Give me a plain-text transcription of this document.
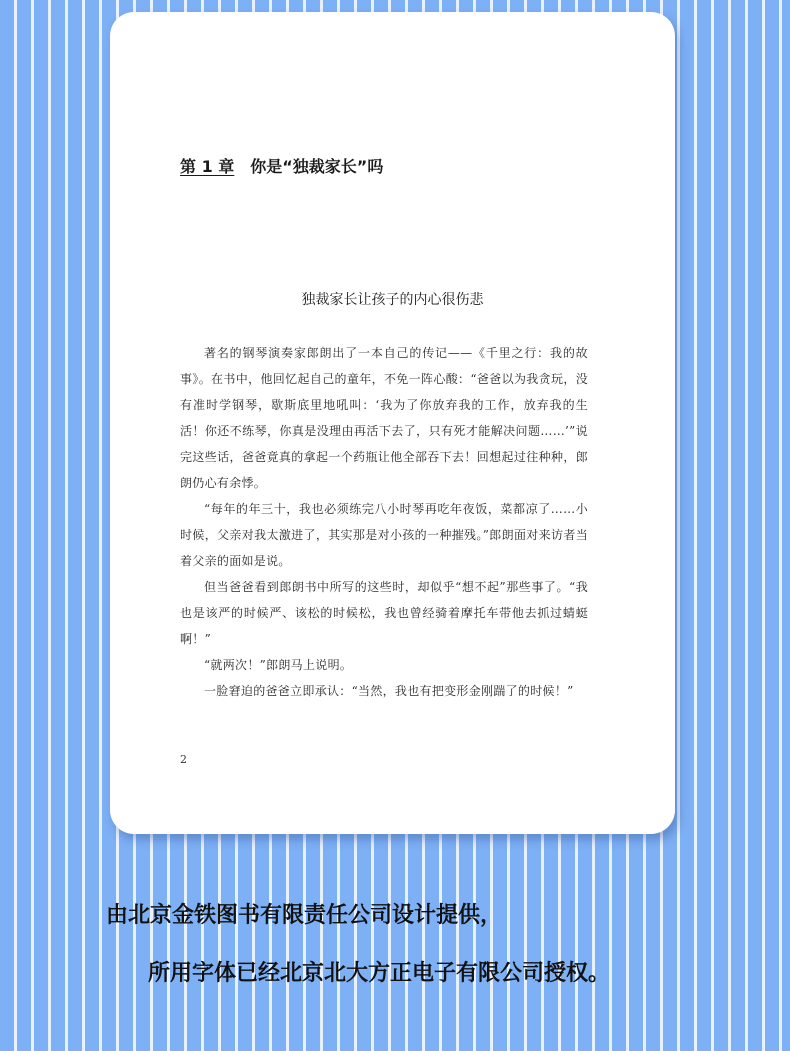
第 1 章 你是“独裁家长”吗
独裁家长让孩子的内心很伤悲

著名的钢琴演奏家郎朗出了一本自己的传记——《千里之行：我的故事》。在书中，他回忆起自己的童年，不免一阵心酸：“爸爸以为我贪玩，没有准时学钢琴，歇斯底里地吼叫：‘我为了你放弃我的工作，放弃我的生活！你还不练琴，你真是没理由再活下去了，只有死才能解决问题……’”说完这些话，爸爸竟真的拿起一个药瓶让他全部吞下去！回想起过往种种，郎朗仍心有余悸。

“每年的年三十，我也必须练完八小时琴再吃年夜饭，菜都凉了……小时候，父亲对我太激进了，其实那是对小孩的一种摧残。”郎朗面对来访者当着父亲的面如是说。

但当爸爸看到郎朗书中所写的这些时，却似乎“想不起”那些事了。“我也是该严的时候严、该松的时候松，我也曾经骑着摩托车带他去抓过蜻蜓啊！”

“就两次！”郎朗马上说明。

一脸窘迫的爸爸立即承认：“当然，我也有把变形金刚踹了的时候！”

2
由北京金铁图书有限责任公司设计提供，
所用字体已经北京北大方正电子有限公司授权。
